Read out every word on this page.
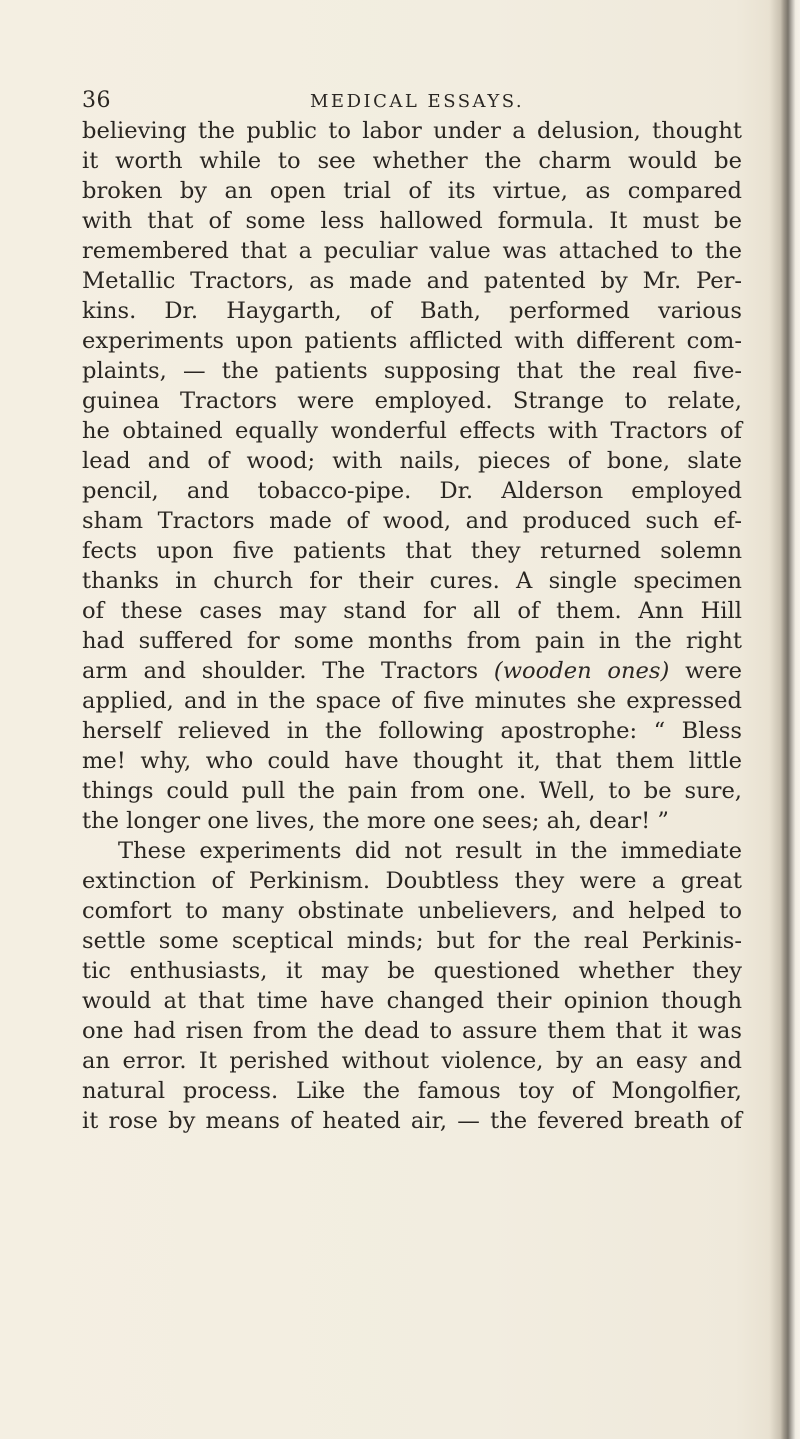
36	MEDICAL ESSAYS.
believing the public to labor under a delusion, thought
it worth while to see whether the charm would be
broken by an open trial of its virtue, as compared
with that of some less hallowed formula. It must be
remembered that a peculiar value was attached to the
Metallic Tractors, as made and patented by Mr. Per-
kins. Dr. Haygarth, of Bath, performed various
experiments upon patients afflicted with different com-
plaints, — the patients supposing that the real five-
guinea Tractors were employed. Strange to relate,
he obtained equally wonderful effects with Tractors of
lead and of wood; with nails, pieces of bone, slate
pencil, and tobacco-pipe. Dr. Alderson employed
sham Tractors made of wood, and produced such ef-
fects upon five patients that they returned solemn
thanks in church for their cures. A single specimen
of these cases may stand for all of them. Ann Hill
had suffered for some months from pain in the right
arm and shoulder. The Tractors (wooden ones) were
applied, and in the space of five minutes she expressed
herself relieved in the following apostrophe: “ Bless
me! why, who could have thought it, that them little
things could pull the pain from one. Well, to be sure,
the longer one lives, the more one sees; ah, dear! ”
These experiments did not result in the immediate
extinction of Perkinism. Doubtless they were a great
comfort to many obstinate unbelievers, and helped to
settle some sceptical minds; but for the real Perkinis-
tic enthusiasts, it may be questioned whether they
would at that time have changed their opinion though
one had risen from the dead to assure them that it was
an error. It perished without violence, by an easy and
natural process. Like the famous toy of Mongolfier,
it rose by means of heated air, — the fevered breath of
